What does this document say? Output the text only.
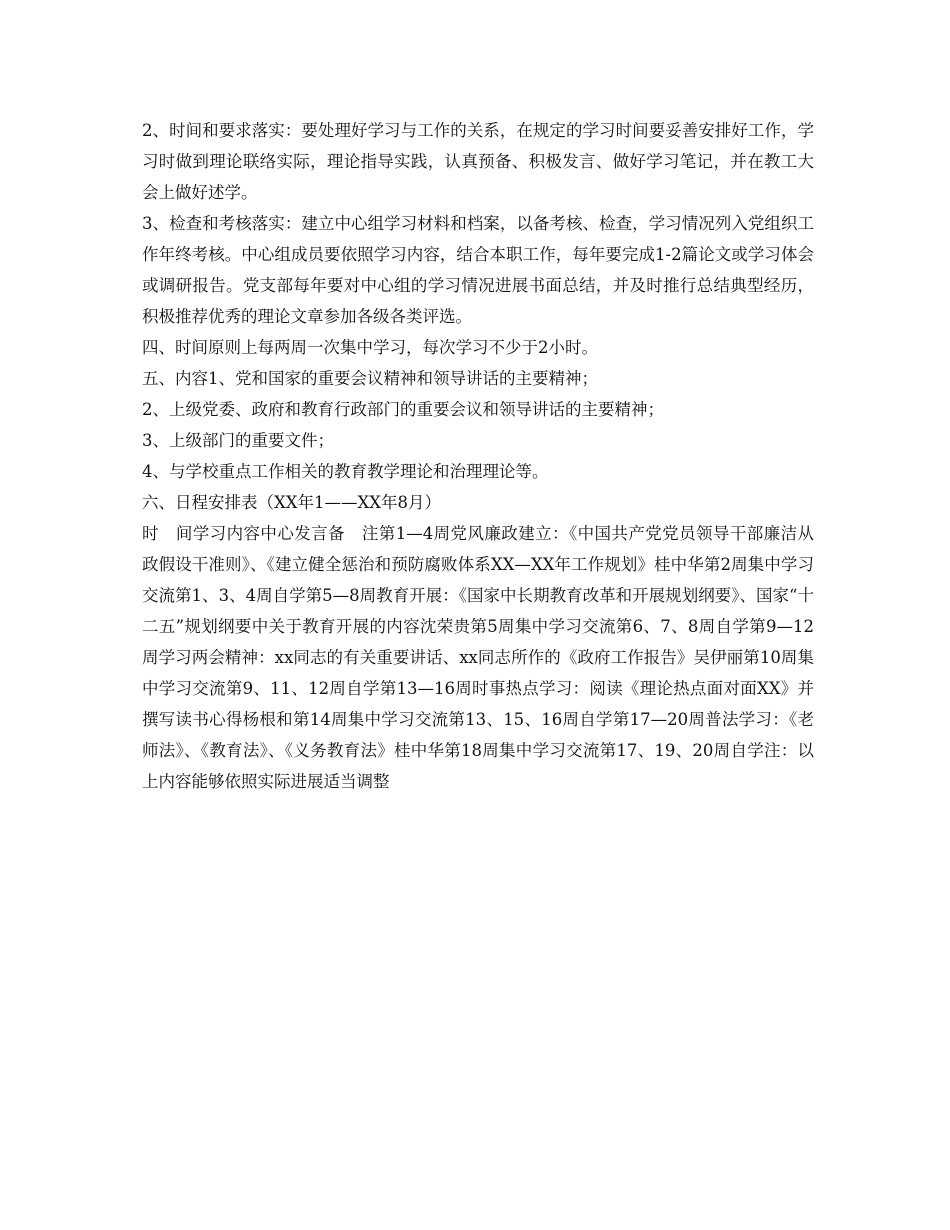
2、时间和要求落实：要处理好学习与工作的关系，在规定的学习时间要妥善安排好工作，学习时做到理论联络实际，理论指导实践，认真预备、积极发言、做好学习笔记，并在教工大会上做好述学。

3、检查和考核落实：建立中心组学习材料和档案，以备考核、检查，学习情况列入党组织工作年终考核。中心组成员要依照学习内容，结合本职工作，每年要完成1-2篇论文或学习体会或调研报告。党支部每年要对中心组的学习情况进展书面总结，并及时推行总结典型经历，积极推荐优秀的理论文章参加各级各类评选。

四、时间原则上每两周一次集中学习，每次学习不少于2小时。

五、内容1、党和国家的重要会议精神和领导讲话的主要精神；

2、上级党委、政府和教育行政部门的重要会议和领导讲话的主要精神；

3、上级部门的重要文件；

4、与学校重点工作相关的教育教学理论和治理理论等。

六、日程安排表（XX年1——XX年8月）

时　间学习内容中心发言备　注第1—4周党风廉政建立：《中国共产党党员领导干部廉洁从政假设干准则》、《建立健全惩治和预防腐败体系XX—XX年工作规划》桂中华第2周集中学习交流第1、3、4周自学第5—8周教育开展：《国家中长期教育改革和开展规划纲要》、国家“十二五”规划纲要中关于教育开展的内容沈荣贵第5周集中学习交流第6、7、8周自学第9—12周学习两会精神：xx同志的有关重要讲话、xx同志所作的《政府工作报告》吴伊丽第10周集中学习交流第9、11、12周自学第13—16周时事热点学习：阅读《理论热点面对面XX》并撰写读书心得杨根和第14周集中学习交流第13、15、16周自学第17—20周普法学习：《老师法》、《教育法》、《义务教育法》桂中华第18周集中学习交流第17、19、20周自学注：以上内容能够依照实际进展适当调整
